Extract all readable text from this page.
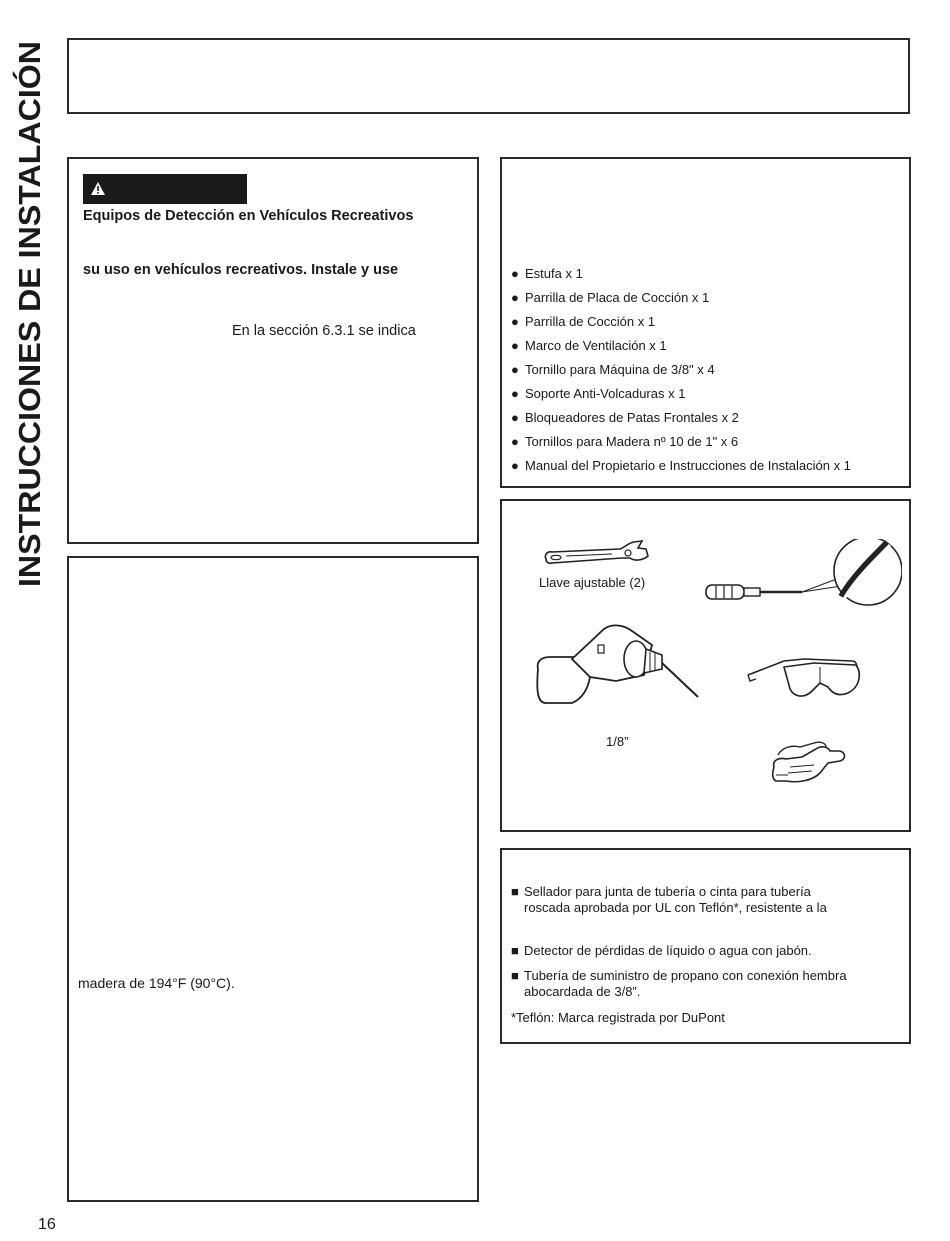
INSTRUCCIONES DE INSTALACIÓN Equipos de Detección en Vehículos Recreativos
su uso en vehículos recreativos. Instale y use
En la sección 6.3.1 se indica
madera de 194°F (90°C).
● Estufa x 1
● Parrilla de Placa de Cocción x 1
● Parrilla de Cocción x 1
● Marco de Ventilación x 1
● Tornillo para Máquina de 3/8" x 4
● Soporte Anti-Volcaduras x 1
● Bloqueadores de Patas Frontales x 2
● Tornillos para Madera nº 10 de 1" x 6
● Manual del Propietario e Instrucciones de Instalación x 1
Llave ajustable (2)
1/8”
■ Sellador para junta de tubería o cinta para tubería
roscada aprobada por UL con Teflón*, resistente a la
■ Detector de pérdidas de líquido o agua con jabón.
■ Tubería de suministro de propano con conexión hembra
abocardada de 3/8”.
*Teflón: Marca registrada por DuPont
16
